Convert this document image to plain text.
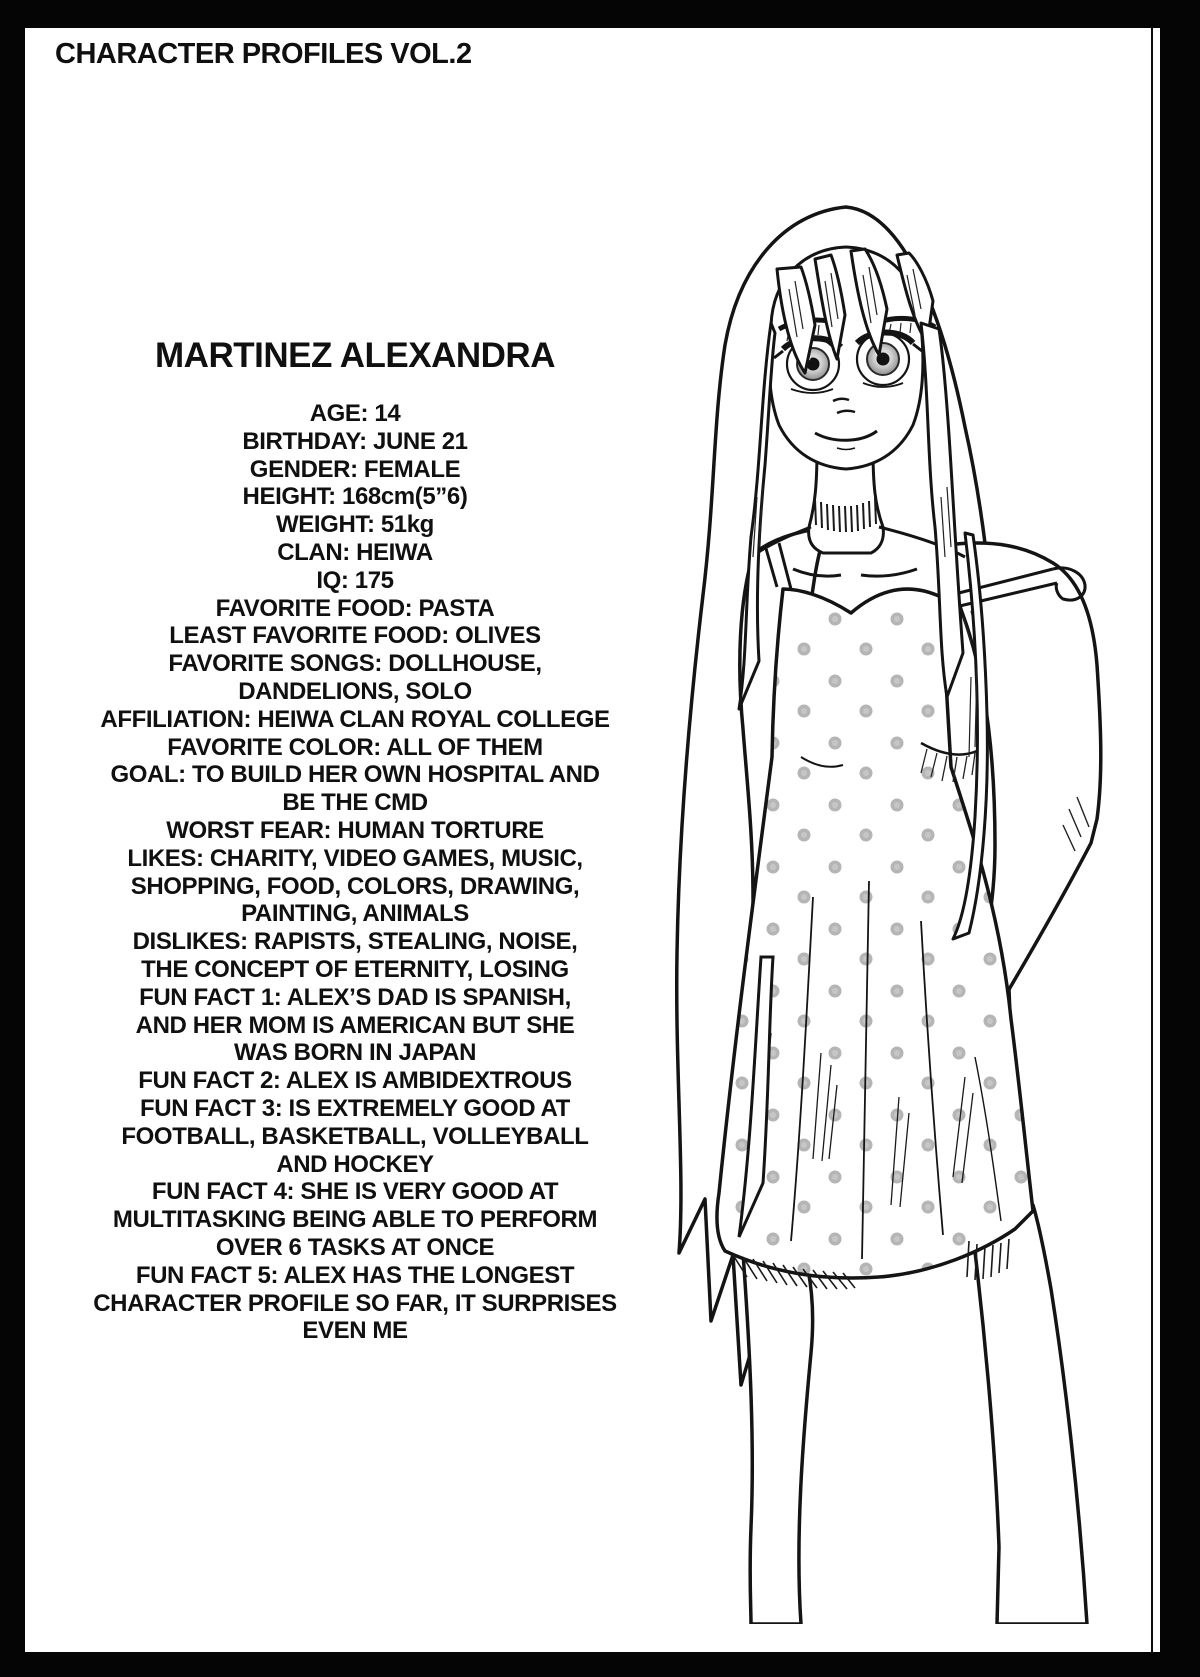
CHARACTER PROFILES VOL.2
MARTINEZ ALEXANDRA
AGE: 14
BIRTHDAY: JUNE 21
GENDER: FEMALE
HEIGHT: 168cm(5”6)
WEIGHT: 51kg
CLAN: HEIWA
IQ: 175
FAVORITE FOOD: PASTA
LEAST FAVORITE FOOD: OLIVES
FAVORITE SONGS: DOLLHOUSE,
DANDELIONS, SOLO
AFFILIATION: HEIWA CLAN ROYAL COLLEGE
FAVORITE COLOR: ALL OF THEM
GOAL: TO BUILD HER OWN HOSPITAL AND
BE THE CMD
WORST FEAR: HUMAN TORTURE
LIKES: CHARITY, VIDEO GAMES, MUSIC,
SHOPPING, FOOD, COLORS, DRAWING,
PAINTING, ANIMALS
DISLIKES: RAPISTS, STEALING, NOISE,
THE CONCEPT OF ETERNITY, LOSING
FUN FACT 1: ALEX’S DAD IS SPANISH,
AND HER MOM IS AMERICAN BUT SHE
WAS BORN IN JAPAN
FUN FACT 2: ALEX IS AMBIDEXTROUS
FUN FACT 3: IS EXTREMELY GOOD AT
FOOTBALL, BASKETBALL, VOLLEYBALL
AND HOCKEY
FUN FACT 4: SHE IS VERY GOOD AT
MULTITASKING BEING ABLE TO PERFORM
OVER 6 TASKS AT ONCE
FUN FACT 5: ALEX HAS THE LONGEST
CHARACTER PROFILE SO FAR, IT SURPRISES
EVEN ME
